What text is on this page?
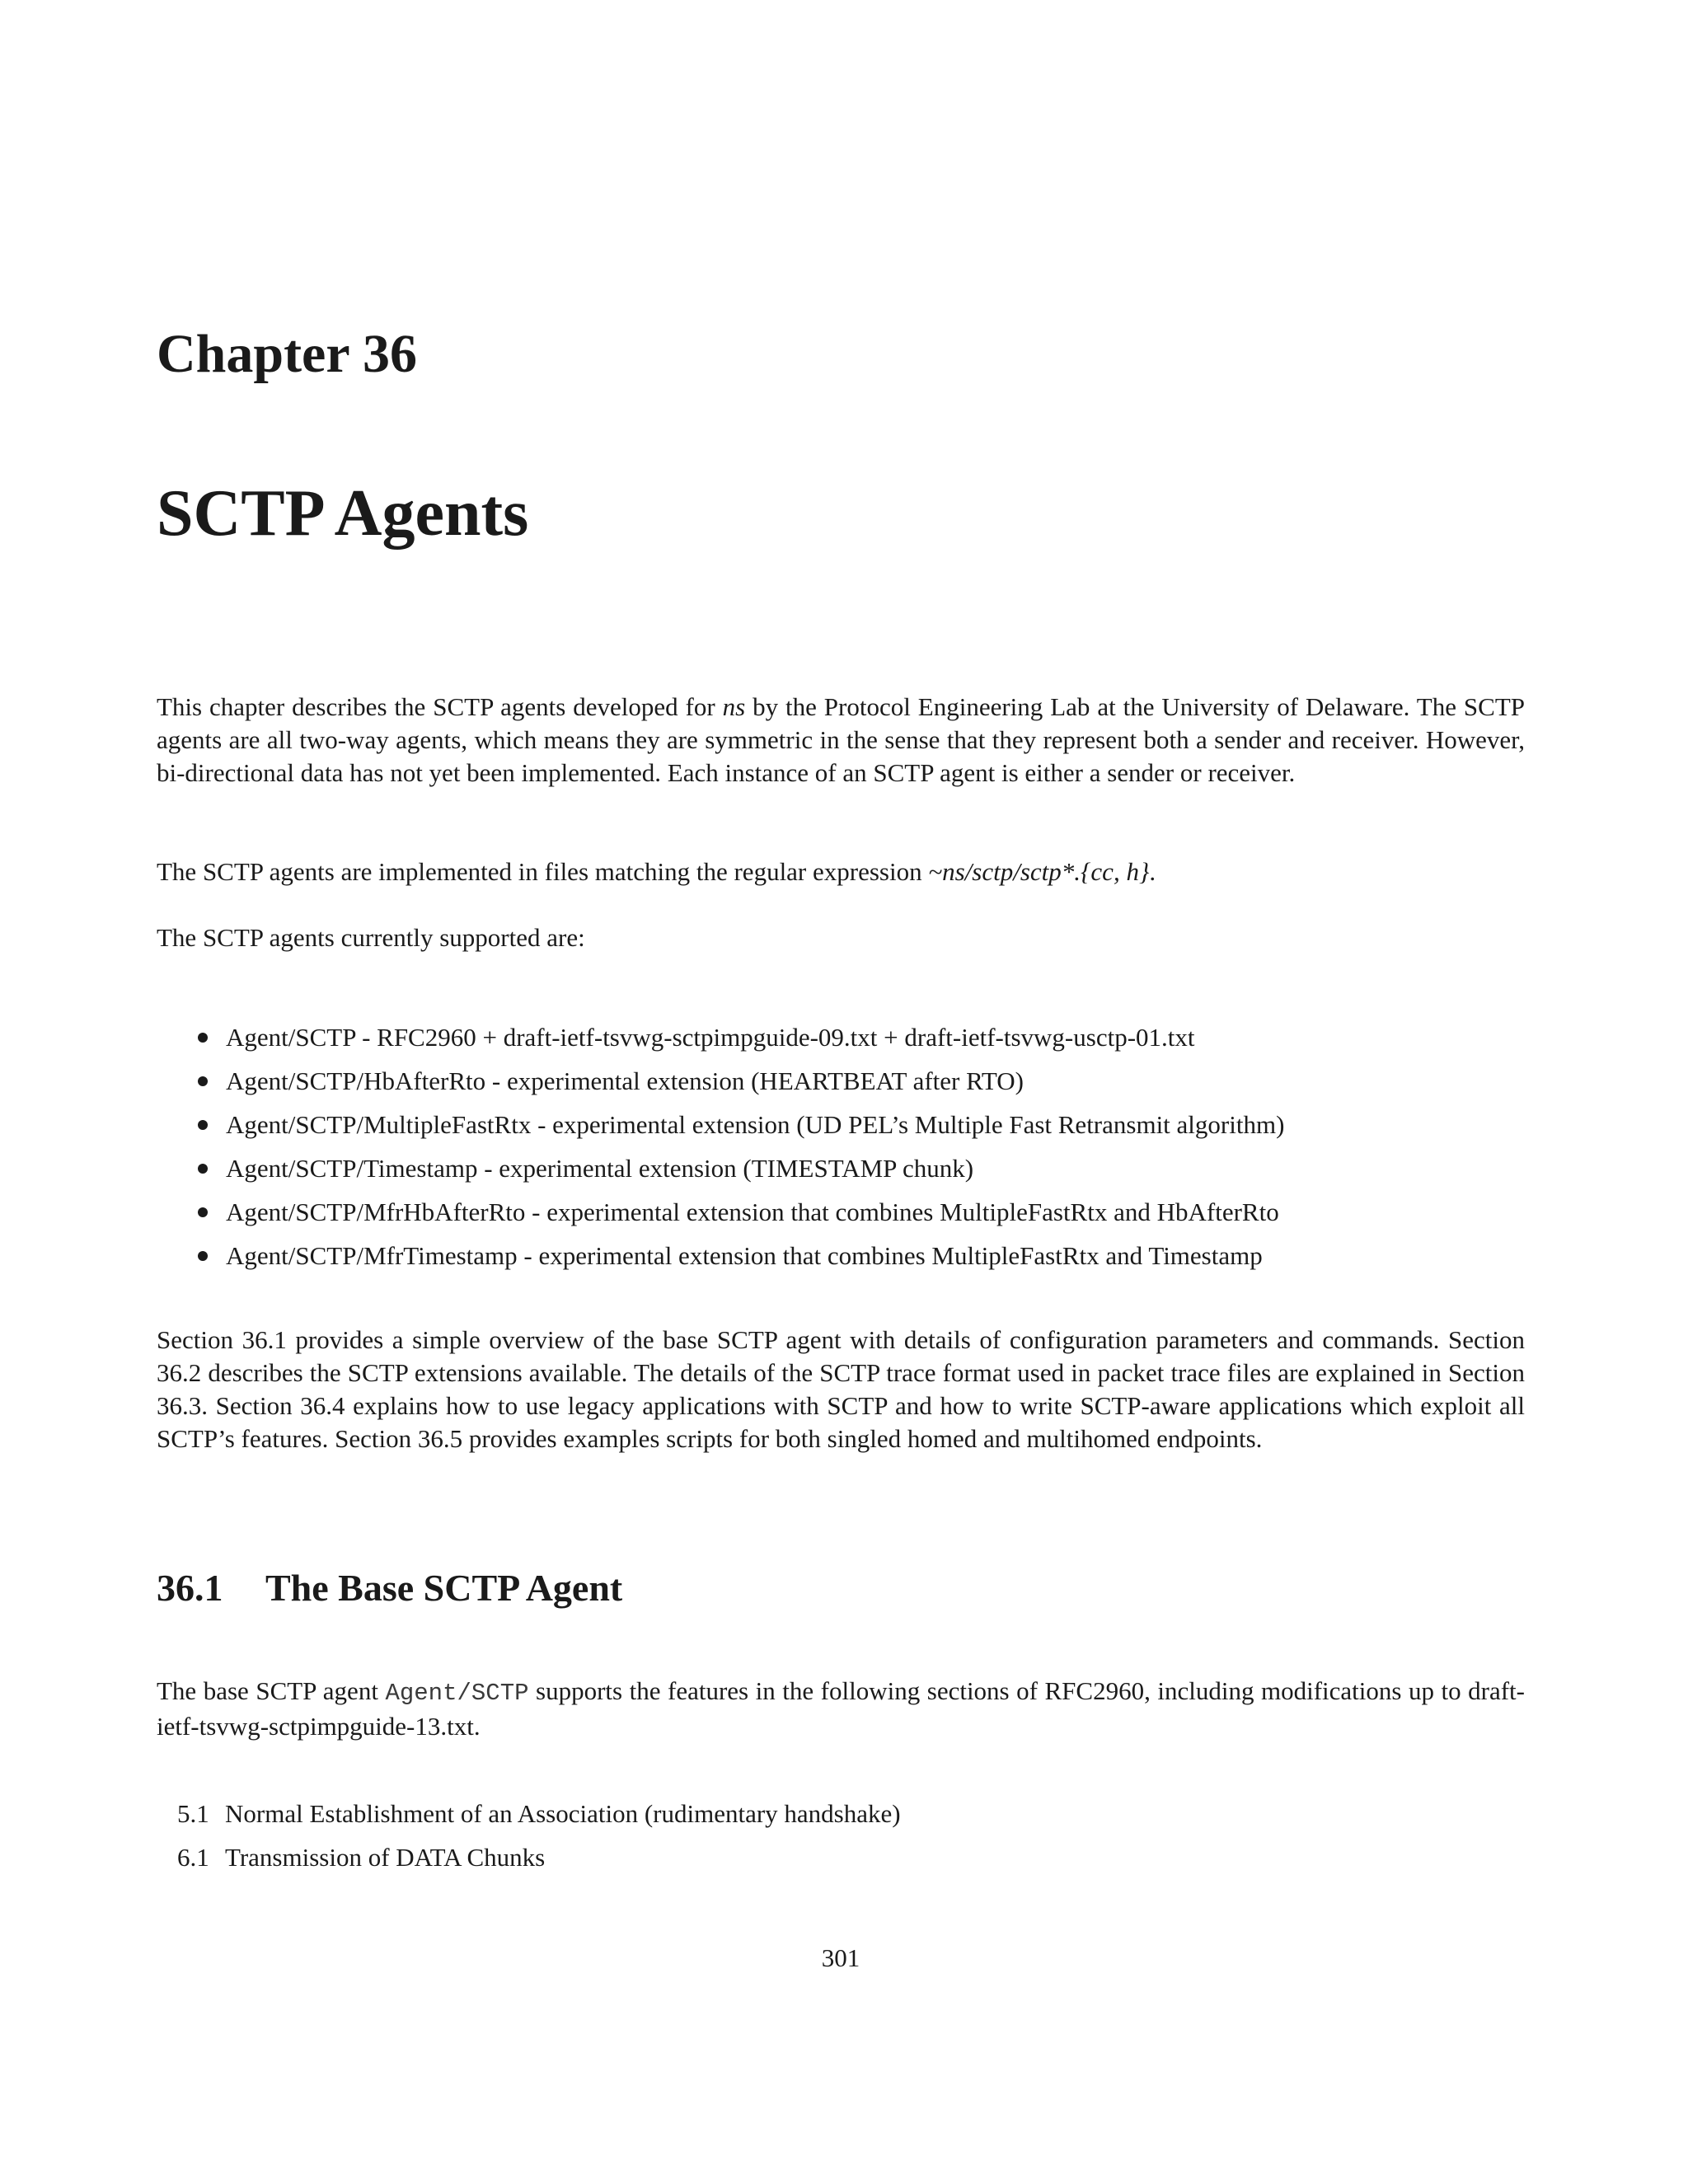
Chapter 36
SCTP Agents

This chapter describes the SCTP agents developed for ns by the Protocol Engineering Lab at the University of Delaware. The SCTP agents are all two-way agents, which means they are symmetric in the sense that they represent both a sender and receiver. However, bi-directional data has not yet been implemented. Each instance of an SCTP agent is either a sender or receiver.

The SCTP agents are implemented in files matching the regular expression ~ns/sctp/sctp*.{cc, h}.

The SCTP agents currently supported are:

Agent/SCTP - RFC2960 + draft-ietf-tsvwg-sctpimpguide-09.txt + draft-ietf-tsvwg-usctp-01.txt
Agent/SCTP/HbAfterRto - experimental extension (HEARTBEAT after RTO)
Agent/SCTP/MultipleFastRtx - experimental extension (UD PEL’s Multiple Fast Retransmit algorithm)
Agent/SCTP/Timestamp - experimental extension (TIMESTAMP chunk)
Agent/SCTP/MfrHbAfterRto - experimental extension that combines MultipleFastRtx and HbAfterRto
Agent/SCTP/MfrTimestamp - experimental extension that combines MultipleFastRtx and Timestamp

Section 36.1 provides a simple overview of the base SCTP agent with details of configuration parameters and commands. Section 36.2 describes the SCTP extensions available. The details of the SCTP trace format used in packet trace files are explained in Section 36.3. Section 36.4 explains how to use legacy applications with SCTP and how to write SCTP-aware applications which exploit all SCTP’s features. Section 36.5 provides examples scripts for both singled homed and multihomed endpoints.

36.1 The Base SCTP Agent

The base SCTP agent Agent/SCTP supports the features in the following sections of RFC2960, including modifications up to draft-ietf-tsvwg-sctpimpguide-13.txt.

5.1 Normal Establishment of an Association (rudimentary handshake)
6.1 Transmission of DATA Chunks

301
